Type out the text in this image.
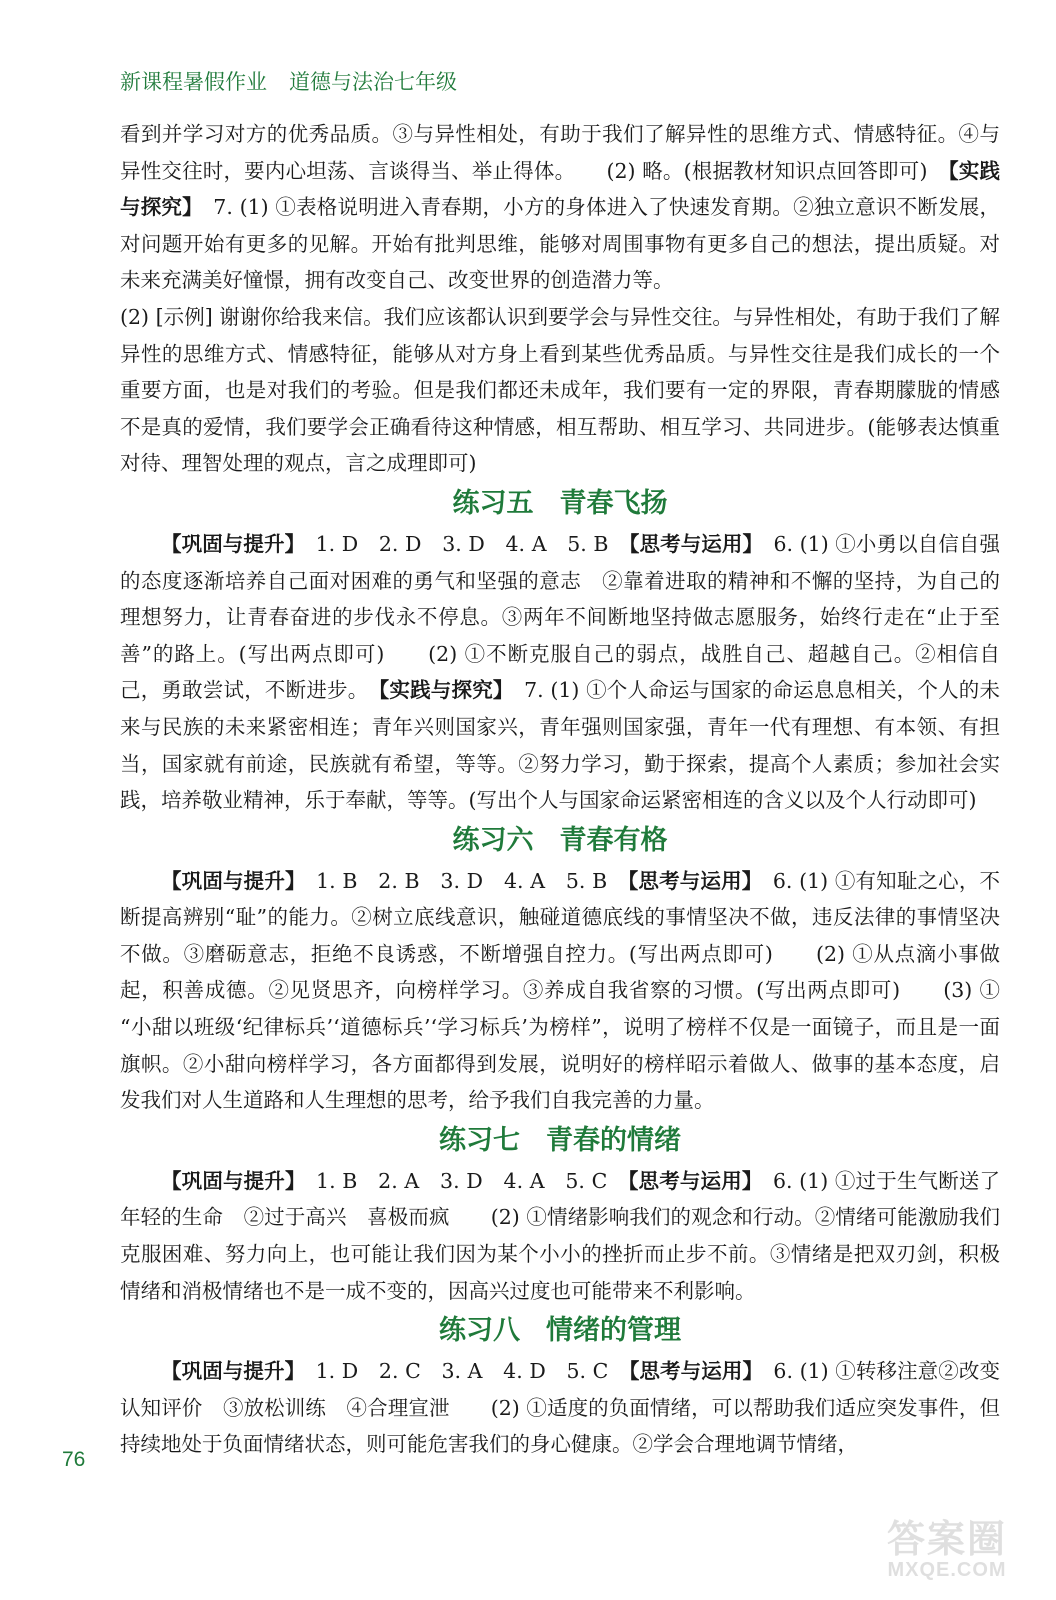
新课程暑假作业 道德与法治七年级

看到并学习对方的优秀品质。③与异性相处，有助于我们了解异性的思维方式、情感特征。④与异性交往时，要内心坦荡、言谈得当、举止得体。　　(2) 略。(根据教材知识点回答即可)　【实践与探究】　7. (1) ①表格说明进入青春期，小方的身体进入了快速发育期。②独立意识不断发展，对问题开始有更多的见解。开始有批判思维，能够对周围事物有更多自己的想法，提出质疑。对未来充满美好憧憬，拥有改变自己、改变世界的创造潜力等。

(2) [示例] 谢谢你给我来信。我们应该都认识到要学会与异性交往。与异性相处，有助于我们了解异性的思维方式、情感特征，能够从对方身上看到某些优秀品质。与异性交往是我们成长的一个重要方面，也是对我们的考验。但是我们都还未成年，我们要有一定的界限，青春期朦胧的情感不是真的爱情，我们要学会正确看待这种情感，相互帮助、相互学习、共同进步。(能够表达慎重对待、理智处理的观点，言之成理即可)

练习五 青春飞扬

【巩固与提升】　1. D　2. D　3. D　4. A　5. B　【思考与运用】　6. (1) ①小勇以自信自强的态度逐渐培养自己面对困难的勇气和坚强的意志　②靠着进取的精神和不懈的坚持，为自己的理想努力，让青春奋进的步伐永不停息。③两年不间断地坚持做志愿服务，始终行走在“止于至善”的路上。(写出两点即可)　　(2) ①不断克服自己的弱点，战胜自己、超越自己。②相信自己，勇敢尝试，不断进步。　【实践与探究】　7. (1) ①个人命运与国家的命运息息相关，个人的未来与民族的未来紧密相连；青年兴则国家兴，青年强则国家强，青年一代有理想、有本领、有担当，国家就有前途，民族就有希望，等等。②努力学习，勤于探索，提高个人素质；参加社会实践，培养敬业精神，乐于奉献，等等。(写出个人与国家命运紧密相连的含义以及个人行动即可)

练习六 青春有格

【巩固与提升】　1. B　2. B　3. D　4. A　5. B　【思考与运用】　6. (1) ①有知耻之心，不断提高辨别“耻”的能力。②树立底线意识，触碰道德底线的事情坚决不做，违反法律的事情坚决不做。③磨砺意志，拒绝不良诱惑，不断增强自控力。(写出两点即可)　　(2) ①从点滴小事做起，积善成德。②见贤思齐，向榜样学习。③养成自我省察的习惯。(写出两点即可)　　(3) ① “小甜以班级‘纪律标兵’‘道德标兵’‘学习标兵’为榜样”，说明了榜样不仅是一面镜子，而且是一面旗帜。②小甜向榜样学习，各方面都得到发展，说明好的榜样昭示着做人、做事的基本态度，启发我们对人生道路和人生理想的思考，给予我们自我完善的力量。

练习七 青春的情绪

【巩固与提升】　1. B　2. A　3. D　4. A　5. C　【思考与运用】　6. (1) ①过于生气断送了年轻的生命　②过于高兴　喜极而疯　　(2) ①情绪影响我们的观念和行动。②情绪可能激励我们克服困难、努力向上，也可能让我们因为某个小小的挫折而止步不前。③情绪是把双刃剑，积极情绪和消极情绪也不是一成不变的，因高兴过度也可能带来不利影响。

练习八 情绪的管理

【巩固与提升】　1. D　2. C　3. A　4. D　5. C　【思考与运用】　6. (1) ①转移注意②改变认知评价　③放松训练　④合理宣泄　　(2) ①适度的负面情绪，可以帮助我们适应突发事件，但持续地处于负面情绪状态，则可能危害我们的身心健康。②学会合理地调节情绪，

76
答案圈
MXQE.COM
